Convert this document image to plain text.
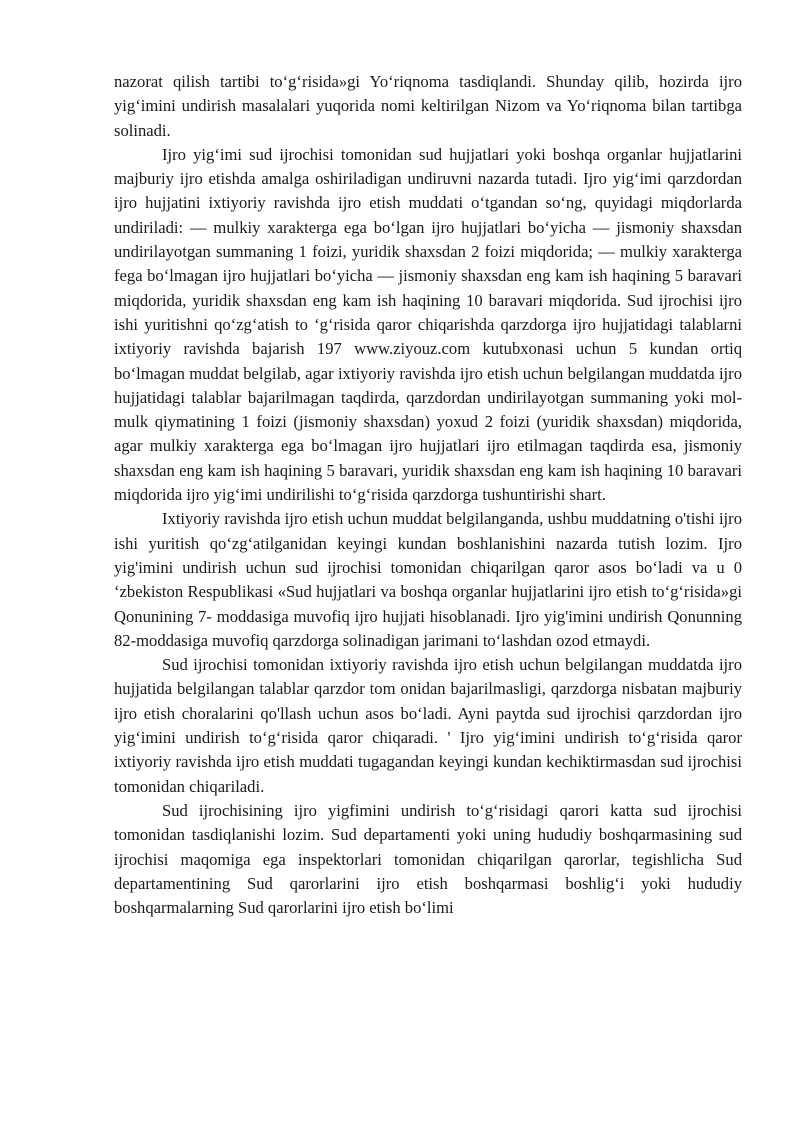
nazorat qilish tartibi to‘g‘risida»gi Yo‘riqnoma tasdiqlandi. Shunday qilib, hozirda ijro yig‘imini undirish masalalari yuqorida nomi keltirilgan Nizom va Yo‘riqnoma bilan tartibga solinadi.

Ijro yig‘imi sud ijrochisi tomonidan sud hujjatlari yoki boshqa organlar hujjatlarini majburiy ijro etishda amalga oshiriladigan undiruvni nazarda tutadi. Ijro yig‘imi qarzdordan ijro hujjatini ixtiyoriy ravishda ijro etish muddati o‘tgandan so‘ng, quyidagi miqdorlarda undiriladi: — mulkiy xarakterga ega bo‘lgan ijro hujjatlari bo‘yicha — jismoniy shaxsdan undirilayotgan summaning 1 foizi, yuridik shaxsdan 2 foizi miqdorida; — mulkiy xarakterga fega bo‘lmagan ijro hujjatlari bo‘yicha — jismoniy shaxsdan eng kam ish haqining 5 baravari miqdorida, yuridik shaxsdan eng kam ish haqining 10 baravari miqdorida. Sud ijrochisi ijro ishi yuritishni qo‘zg‘atish to ‘g‘risida qaror chiqarishda qarzdorga ijro hujjatidagi talablarni ixtiyoriy ravishda bajarish 197 www.ziyouz.com kutubxonasi uchun 5 kundan ortiq bo‘lmagan muddat belgilab, agar ixtiyoriy ravishda ijro etish uchun belgilangan muddatda ijro hujjatidagi talablar bajarilmagan taqdirda, qarzdordan undirilayotgan summaning yoki mol-mulk qiymatining 1 foizi (jismoniy shaxsdan) yoxud 2 foizi (yuridik shaxsdan) miqdorida, agar mulkiy xarakterga ega bo‘lmagan ijro hujjatlari ijro etilmagan taqdirda esa, jismoniy shaxsdan eng kam ish haqining 5 baravari, yuridik shaxsdan eng kam ish haqining 10 baravari miqdorida ijro yig‘imi undirilishi to‘g‘risida qarzdorga tushuntirishi shart.

Ixtiyoriy ravishda ijro etish uchun muddat belgilanganda, ushbu muddatning o'tishi ijro ishi yuritish qo‘zg‘atilganidan keyingi kundan boshlanishini nazarda tutish lozim. Ijro yig'imini undirish uchun sud ijrochisi tomonidan chiqarilgan qaror asos bo‘ladi va u 0 ‘zbekiston Respublikasi «Sud hujjatlari va boshqa organlar hujjatlarini ijro etish to‘g‘risida»gi Qonunining 7- moddasiga muvofiq ijro hujjati hisoblanadi. Ijro yig'imini undirish Qonunning 82-moddasiga muvofiq qarzdorga solinadigan jarimani to‘lashdan ozod etmaydi.

Sud ijrochisi tomonidan ixtiyoriy ravishda ijro etish uchun belgilangan muddatda ijro hujjatida belgilangan talablar qarzdor tom onidan bajarilmasligi, qarzdorga nisbatan majburiy ijro etish choralarini qo'llash uchun asos bo‘ladi. Ayni paytda sud ijrochisi qarzdordan ijro yig‘imini undirish to‘g‘risida qaror chiqaradi. ' Ijro yig‘imini undirish to‘g‘risida qaror ixtiyoriy ravishda ijro etish muddati tugagandan keyingi kundan kechiktirmasdan sud ijrochisi tomonidan chiqariladi.

Sud ijrochisining ijro yigfimini undirish to‘g‘risidagi qarori katta sud ijrochisi tomonidan tasdiqlanishi lozim. Sud departamenti yoki uning hududiy boshqarmasining sud ijrochisi maqomiga ega inspektorlari tomonidan chiqarilgan qarorlar, tegishlicha Sud departamentining Sud qarorlarini ijro etish boshqarmasi boshlig‘i yoki hududiy boshqarmalarning Sud qarorlarini ijro etish bo‘limi
